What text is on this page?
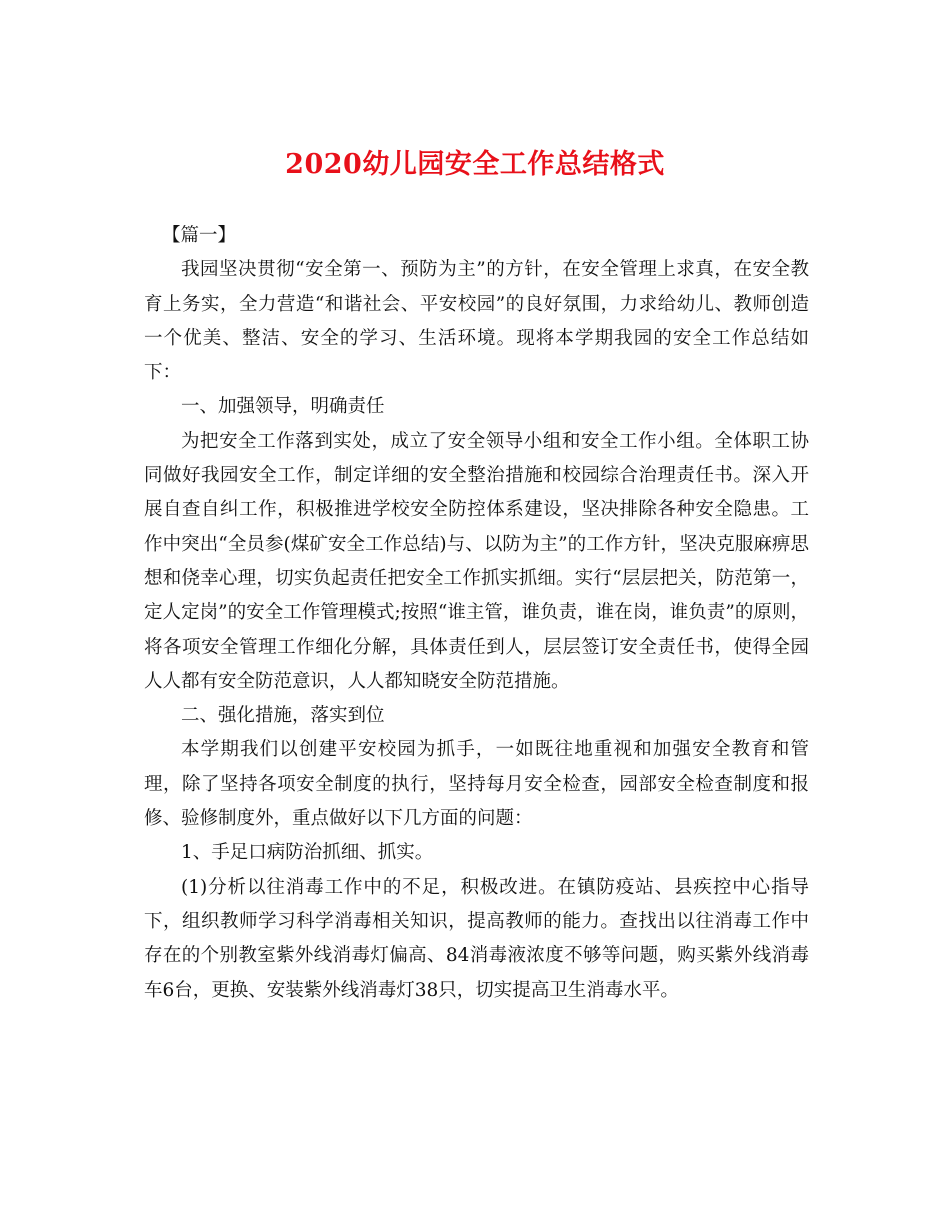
2020幼儿园安全工作总结格式

【篇一】

我园坚决贯彻“安全第一、预防为主”的方针，在安全管理上求真，在安全教育上务实，全力营造“和谐社会、平安校园”的良好氛围，力求给幼儿、教师创造一个优美、整洁、安全的学习、生活环境。现将本学期我园的安全工作总结如下：

一、加强领导，明确责任

为把安全工作落到实处，成立了安全领导小组和安全工作小组。全体职工协同做好我园安全工作，制定详细的安全整治措施和校园综合治理责任书。深入开展自查自纠工作，积极推进学校安全防控体系建设，坚决排除各种安全隐患。工作中突出“全员参(煤矿安全工作总结)与、以防为主”的工作方针，坚决克服麻痹思想和侥幸心理，切实负起责任把安全工作抓实抓细。实行“层层把关，防范第一，定人定岗”的安全工作管理模式;按照“谁主管，谁负责，谁在岗，谁负责”的原则，将各项安全管理工作细化分解，具体责任到人，层层签订安全责任书，使得全园人人都有安全防范意识，人人都知晓安全防范措施。

二、强化措施，落实到位

本学期我们以创建平安校园为抓手，一如既往地重视和加强安全教育和管理，除了坚持各项安全制度的执行，坚持每月安全检查，园部安全检查制度和报修、验修制度外，重点做好以下几方面的问题：

1、手足口病防治抓细、抓实。

(1)分析以往消毒工作中的不足，积极改进。在镇防疫站、县疾控中心指导下，组织教师学习科学消毒相关知识，提高教师的能力。查找出以往消毒工作中存在的个别教室紫外线消毒灯偏高、84消毒液浓度不够等问题，购买紫外线消毒车6台，更换、安装紫外线消毒灯38只，切实提高卫生消毒水平。
